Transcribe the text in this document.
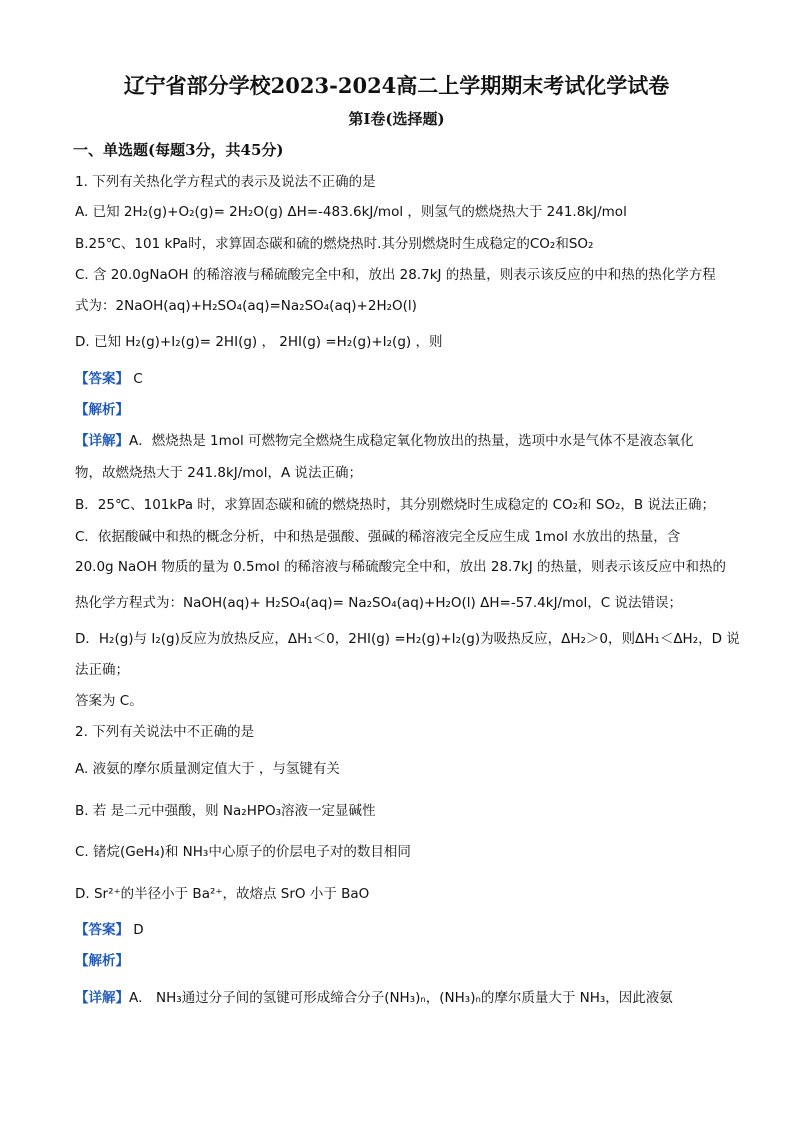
辽宁省部分学校2023-2024高二上学期期末考试化学试卷
第I卷(选择题)
一、单选题(每题3分，共45分)
1. 下列有关热化学方程式的表示及说法不正确的是
A. 已知 2H₂(g)+O₂(g)= 2H₂O(g) ΔH=-483.6kJ/mol ，则氢气的燃烧热大于 241.8kJ/mol
B.25℃、101 kPa时，求算固态碳和硫的燃烧热时.其分别燃烧时生成稳定的CO₂和SO₂
C. 含 20.0gNaOH 的稀溶液与稀硫酸完全中和，放出 28.7kJ 的热量，则表示该反应的中和热的热化学方程
式为：2NaOH(aq)+H₂SO₄(aq)=Na₂SO₄(aq)+2H₂O(l)
D. 已知 H₂(g)+I₂(g)= 2HI(g) ， 2HI(g) =H₂(g)+I₂(g) ，则
【答案】 C
【解析】
【详解】A．燃烧热是 1mol 可燃物完全燃烧生成稳定氧化物放出的热量，选项中水是气体不是液态氧化
物，故燃烧热大于 241.8kJ/mol，A 说法正确；
B．25℃、101kPa 时，求算固态碳和硫的燃烧热时，其分别燃烧时生成稳定的 CO₂和 SO₂，B 说法正确；
C．依据酸碱中和热的概念分析，中和热是强酸、强碱的稀溶液完全反应生成 1mol 水放出的热量，含
20.0g NaOH 物质的量为 0.5mol 的稀溶液与稀硫酸完全中和，放出 28.7kJ 的热量，则表示该反应中和热的
热化学方程式为：NaOH(aq)+ H₂SO₄(aq)= Na₂SO₄(aq)+H₂O(l) ΔH=-57.4kJ/mol，C 说法错误；
D．H₂(g)与 I₂(g)反应为放热反应，ΔH₁＜0，2HI(g) =H₂(g)+I₂(g)为吸热反应，ΔH₂＞0，则ΔH₁＜ΔH₂，D 说
法正确；
答案为 C。
2. 下列有关说法中不正确的是
A. 液氨的摩尔质量测定值大于 ，与氢键有关
B. 若 是二元中强酸，则 Na₂HPO₃溶液一定显碱性
C. 锗烷(GeH₄)和 NH₃中心原子的价层电子对的数目相同
D. Sr²⁺的半径小于 Ba²⁺，故熔点 SrO 小于 BaO
【答案】 D
【解析】
【详解】A． NH₃通过分子间的氢键可形成缔合分子(NH₃)ₙ，(NH₃)ₙ的摩尔质量大于 NH₃，因此液氨
